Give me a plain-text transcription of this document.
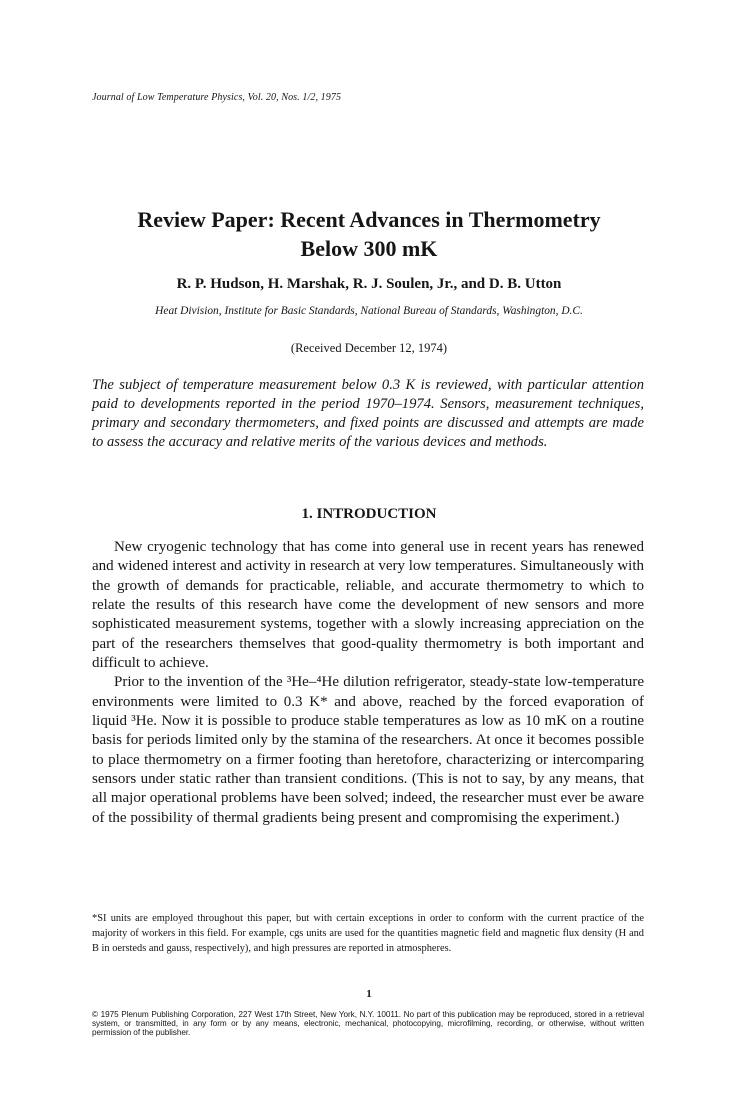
Journal of Low Temperature Physics, Vol. 20, Nos. 1/2, 1975
Review Paper: Recent Advances in Thermometry
Below 300 mK
R. P. Hudson, H. Marshak, R. J. Soulen, Jr., and D. B. Utton
Heat Division, Institute for Basic Standards, National Bureau of Standards, Washington, D.C.
(Received December 12, 1974)
The subject of temperature measurement below 0.3 K is reviewed, with particular attention paid to developments reported in the period 1970–1974. Sensors, measurement techniques, primary and secondary thermometers, and fixed points are discussed and attempts are made to assess the accuracy and relative merits of the various devices and methods.
1. INTRODUCTION

New cryogenic technology that has come into general use in recent years has renewed and widened interest and activity in research at very low temperatures. Simultaneously with the growth of demands for practicable, reliable, and accurate thermometry to which to relate the results of this research have come the development of new sensors and more sophisticated measurement systems, together with a slowly increasing appreciation on the part of the researchers themselves that good-quality thermometry is both important and difficult to achieve.

Prior to the invention of the ³He–⁴He dilution refrigerator, steady-state low-temperature environments were limited to 0.3 K* and above, reached by the forced evaporation of liquid ³He. Now it is possible to produce stable temperatures as low as 10 mK on a routine basis for periods limited only by the stamina of the researchers. At once it becomes possible to place thermometry on a firmer footing than heretofore, characterizing or intercomparing sensors under static rather than transient conditions. (This is not to say, by any means, that all major operational problems have been solved; indeed, the researcher must ever be aware of the possibility of thermal gradients being present and compromising the experiment.)

*SI units are employed throughout this paper, but with certain exceptions in order to conform with the current practice of the majority of workers in this field. For example, cgs units are used for the quantities magnetic field and magnetic flux density (H and B in oersteds and gauss, respectively), and high pressures are reported in atmospheres.
1
© 1975 Plenum Publishing Corporation, 227 West 17th Street, New York, N.Y. 10011. No part of this publication may be reproduced, stored in a retrieval system, or transmitted, in any form or by any means, electronic, mechanical, photocopying, microfilming, recording, or otherwise, without written permission of the publisher.
